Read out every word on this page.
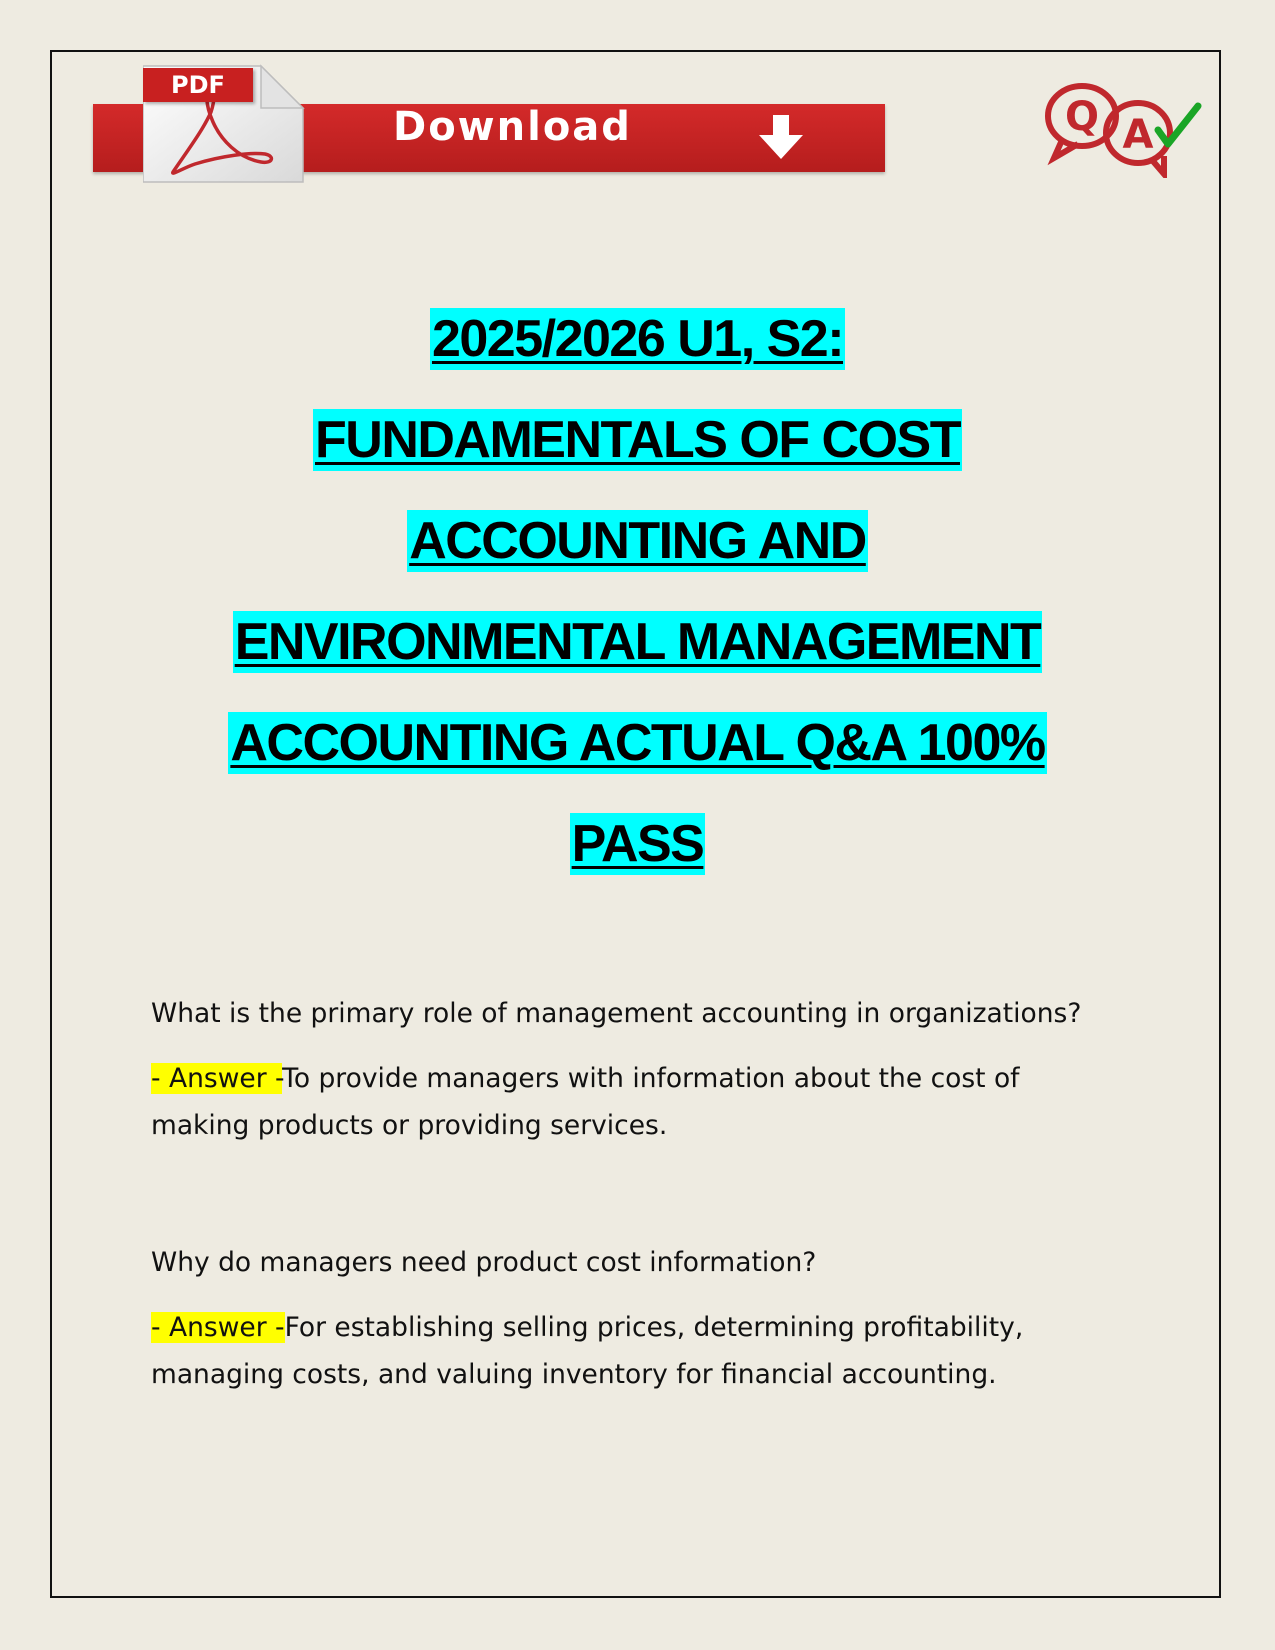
Download
PDF
Q A
2025/2026 U1, S2:
FUNDAMENTALS OF COST
ACCOUNTING AND
ENVIRONMENTAL MANAGEMENT
ACCOUNTING ACTUAL Q&A 100%
PASS
What is the primary role of management accounting in organizations?
- Answer -To provide managers with information about the cost of
making products or providing services.
Why do managers need product cost information?
- Answer -For establishing selling prices, determining profitability,
managing costs, and valuing inventory for financial accounting.
